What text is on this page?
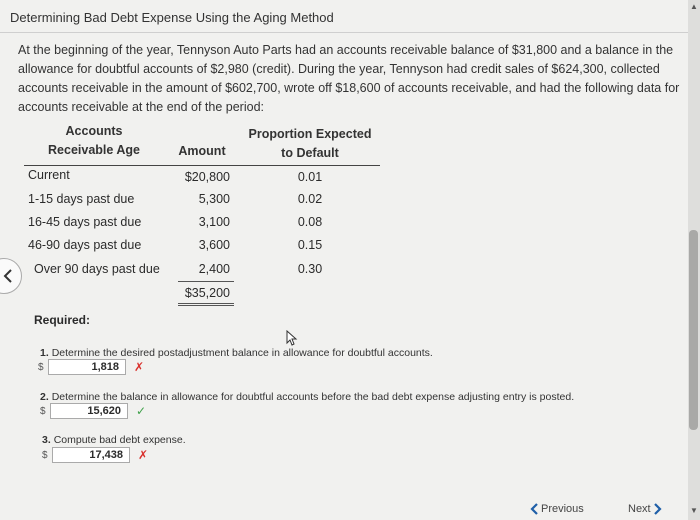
Determining Bad Debt Expense Using the Aging Method
At the beginning of the year, Tennyson Auto Parts had an accounts receivable balance of $31,800 and a balance in the allowance for doubtful accounts of $2,980 (credit). During the year, Tennyson had credit sales of $624,300, collected accounts receivable in the amount of $602,700, wrote off $18,600 of accounts receivable, and had the following data for accounts receivable at the end of the period:
Accounts
Receivable Age	Amount
Proportion Expected
to Default
Current	$20,800	0.01
1-15 days past due	5,300	0.02
16-45 days past due	3,100	0.08
46-90 days past due	3,600	0.15
Over 90 days past due	2,400	0.30
$35,200
Required:
1. Determine the desired postadjustment balance in allowance for doubtful accounts.
$	1,818	✗
2. Determine the balance in allowance for doubtful accounts before the bad debt expense adjusting entry is posted.
$	15,620	✓
3. Compute bad debt expense.
$	17,438	✗
Previous	Next
▲
▼
